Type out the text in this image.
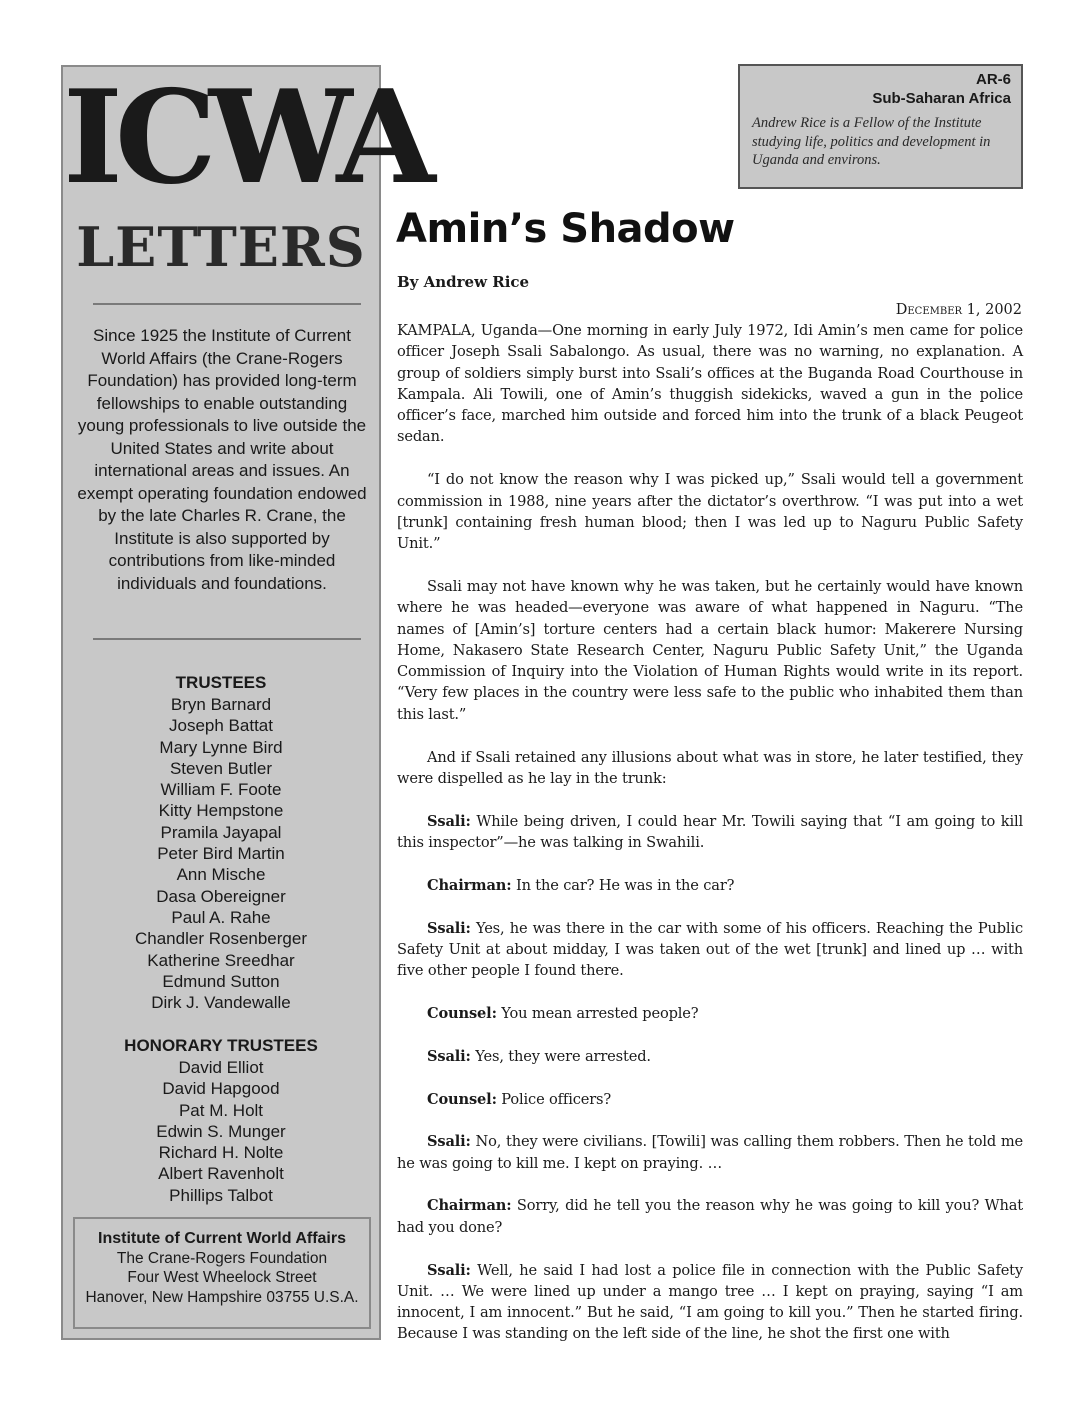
ICWA
LETTERS
Since 1925 the Institute of Current World Affairs (the Crane-Rogers Foundation) has provided long-term fellowships to enable outstanding young professionals to live outside the United States and write about international areas and issues. An exempt operating foundation endowed by the late Charles R. Crane, the Institute is also supported by contributions from like-minded individuals and foundations.
TRUSTEES
Bryn Barnard
Joseph Battat
Mary Lynne Bird
Steven Butler
William F. Foote
Kitty Hempstone
Pramila Jayapal
Peter Bird Martin
Ann Mische
Dasa Obereigner
Paul A. Rahe
Chandler Rosenberger
Katherine Sreedhar
Edmund Sutton
Dirk J. Vandewalle
HONORARY TRUSTEES
David Elliot
David Hapgood
Pat M. Holt
Edwin S. Munger
Richard H. Nolte
Albert Ravenholt
Phillips Talbot
Institute of Current World Affairs
The Crane-Rogers Foundation
Four West Wheelock Street
Hanover, New Hampshire 03755 U.S.A.
AR-6
Sub-Saharan Africa
Andrew Rice is a Fellow of the Institute studying life, politics and development in Uganda and environs.
Amin’s Shadow
By Andrew Rice
December 1, 2002

KAMPALA, Uganda—One morning in early July 1972, Idi Amin’s men came for police officer Joseph Ssali Sabalongo. As usual, there was no warning, no explanation. A group of soldiers simply burst into Ssali’s offices at the Buganda Road Courthouse in Kampala. Ali Towili, one of Amin’s thuggish sidekicks, waved a gun in the police officer’s face, marched him outside and forced him into the trunk of a black Peugeot sedan.

“I do not know the reason why I was picked up,” Ssali would tell a government commission in 1988, nine years after the dictator’s overthrow. “I was put into a wet [trunk] containing fresh human blood; then I was led up to Naguru Public Safety Unit.”

Ssali may not have known why he was taken, but he certainly would have known where he was headed—everyone was aware of what happened in Naguru. “The names of [Amin’s] torture centers had a certain black humor: Makerere Nursing Home, Nakasero State Research Center, Naguru Public Safety Unit,” the Uganda Commission of Inquiry into the Violation of Human Rights would write in its report. “Very few places in the country were less safe to the public who inhabited them than this last.”

And if Ssali retained any illusions about what was in store, he later testified, they were dispelled as he lay in the trunk:

Ssali: While being driven, I could hear Mr. Towili saying that “I am going to kill this inspector”—he was talking in Swahili.

Chairman: In the car? He was in the car?

Ssali: Yes, he was there in the car with some of his officers. Reaching the Public Safety Unit at about midday, I was taken out of the wet [trunk] and lined up … with five other people I found there.

Counsel: You mean arrested people?

Ssali: Yes, they were arrested.

Counsel: Police officers?

Ssali: No, they were civilians. [Towili] was calling them robbers. Then he told me he was going to kill me. I kept on praying. …

Chairman: Sorry, did he tell you the reason why he was going to kill you? What had you done?

Ssali: Well, he said I had lost a police file in connection with the Public Safety Unit. … We were lined up under a mango tree … I kept on praying, saying “I am innocent, I am innocent.” But he said, “I am going to kill you.” Then he started firing. Because I was standing on the left side of the line, he shot the first one with
